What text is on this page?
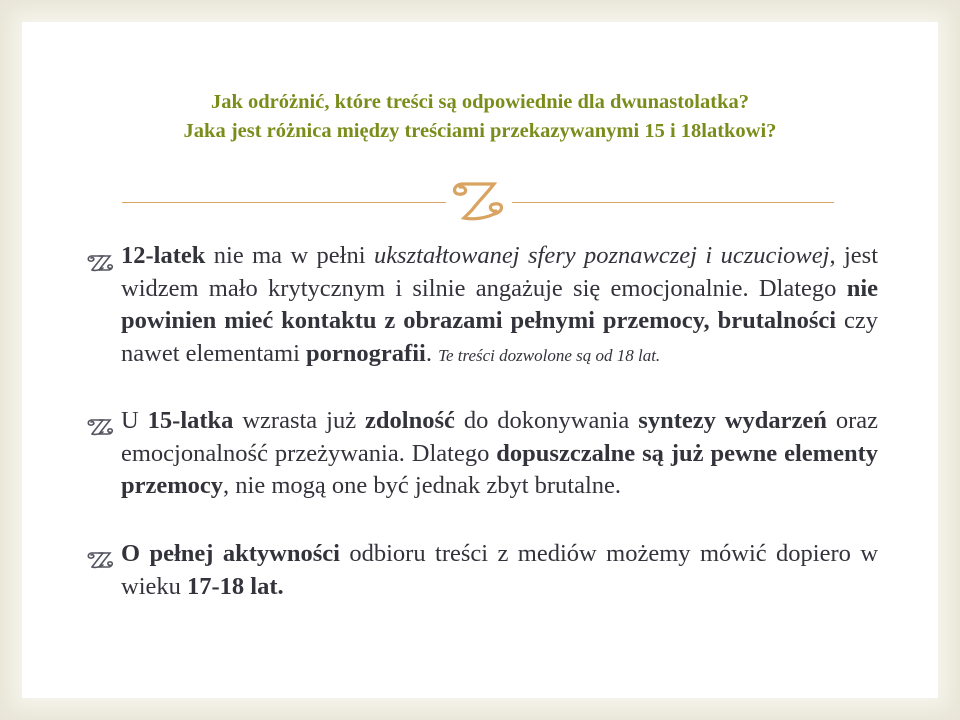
Jak odróżnić, które treści są odpowiednie dla dwunastolatka?
Jaka jest różnica między treściami przekazywanymi 15 i 18latkowi?
12-latek nie ma w pełni ukształtowanej sfery poznawczej i uczuciowej, jest widzem mało krytycznym i silnie angażuje się emocjonalnie. Dlatego nie powinien mieć kontaktu z obrazami pełnymi przemocy, brutalności czy nawet elementami pornografii. Te treści dozwolone są od 18 lat.
U 15-latka wzrasta już zdolność do dokonywania syntezy wydarzeń oraz emocjonalność przeżywania. Dlatego dopuszczalne są już pewne elementy przemocy, nie mogą one być jednak zbyt brutalne.
O pełnej aktywności odbioru treści z mediów możemy mówić dopiero w wieku 17-18 lat.
